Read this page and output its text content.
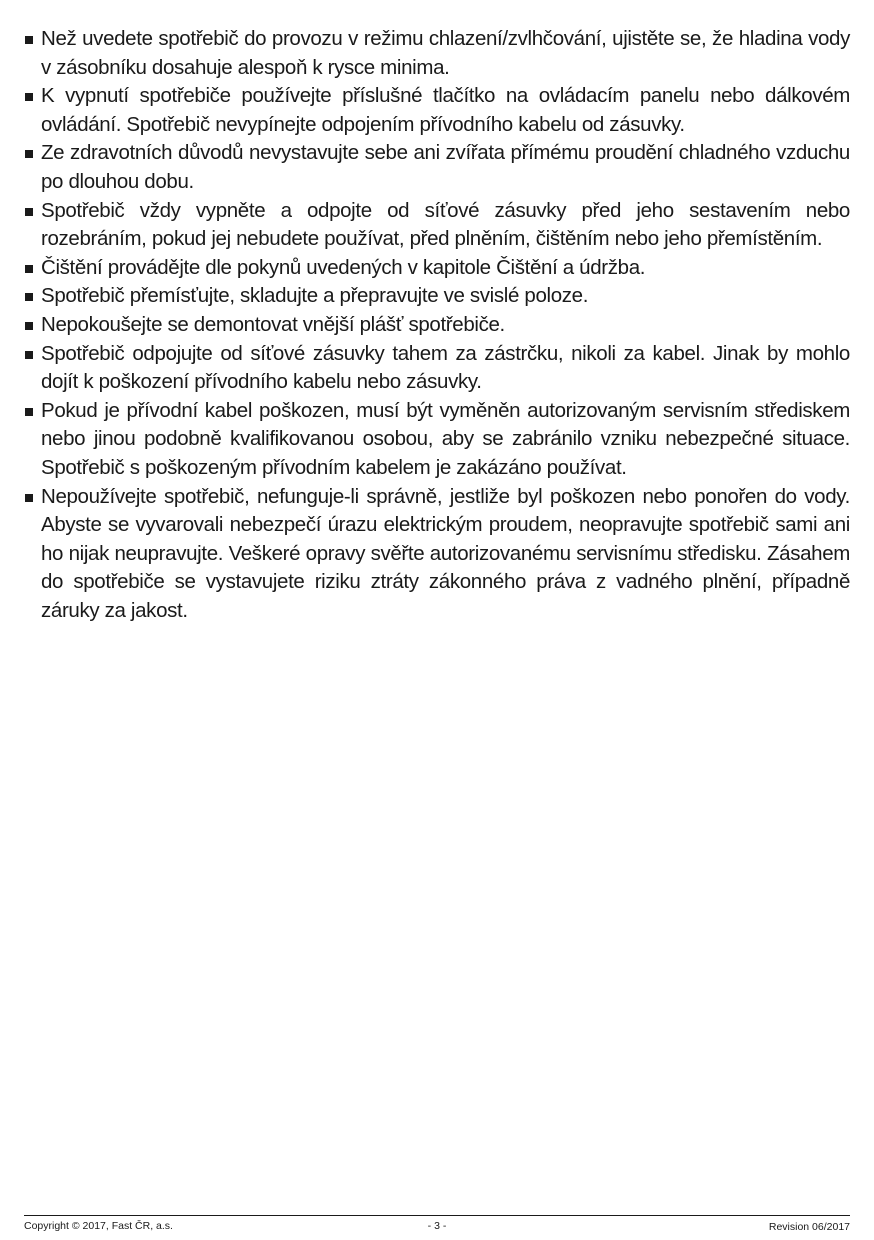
Než uvedete spotřebič do provozu v režimu chlazení/zvlhčování, ujistěte se, že hladina vody v zásobníku dosahuje alespoň k rysce minima.
K vypnutí spotřebiče používejte příslušné tlačítko na ovládacím panelu nebo dálkovém ovládání. Spotřebič nevypínejte odpojením přívodního kabelu od zásuvky.
Ze zdravotních důvodů nevystavujte sebe ani zvířata přímému proudění chladného vzduchu po dlouhou dobu.
Spotřebič vždy vypněte a odpojte od síťové zásuvky před jeho sestavením nebo rozebráním, pokud jej nebudete používat, před plněním, čištěním nebo jeho přemístěním.
Čištění provádějte dle pokynů uvedených v kapitole Čištění a údržba.
Spotřebič přemísťujte, skladujte a přepravujte ve svislé poloze.
Nepokoušejte se demontovat vnější plášť spotřebiče.
Spotřebič odpojujte od síťové zásuvky tahem za zástrčku, nikoli za kabel. Jinak by mohlo dojít k poškození přívodního kabelu nebo zásuvky.
Pokud je přívodní kabel poškozen, musí být vyměněn autorizovaným servisním střediskem nebo jinou podobně kvalifikovanou osobou, aby se zabránilo vzniku nebezpečné situace. Spotřebič s poškozeným přívodním kabelem je zakázáno používat.
Nepoužívejte spotřebič, nefunguje-li správně, jestliže byl poškozen nebo ponořen do vody. Abyste se vyvarovali nebezpečí úrazu elektrickým proudem, neopravujte spotřebič sami ani ho nijak neupravujte. Veškeré opravy svěřte autorizovanému servisnímu středisku. Zásahem do spotřebiče se vystavujete riziku ztráty zákonného práva z vadného plnění, případně záruky za jakost.
Copyright © 2017, Fast ČR, a.s.	- 3 -	Revision 06/2017
